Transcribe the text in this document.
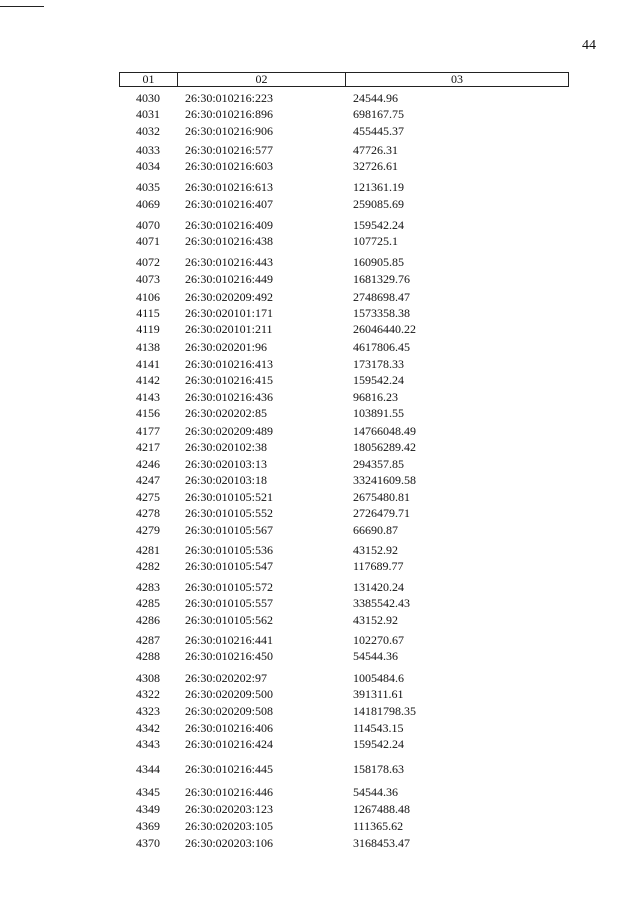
44
01	02	03
4030	26:30:010216:223	24544.96
4031	26:30:010216:896	698167.75
4032	26:30:010216:906	455445.37
4033	26:30:010216:577	47726.31
4034	26:30:010216:603	32726.61
4035	26:30:010216:613	121361.19
4069	26:30:010216:407	259085.69
4070	26:30:010216:409	159542.24
4071	26:30:010216:438	107725.1
4072	26:30:010216:443	160905.85
4073	26:30:010216:449	1681329.76
4106	26:30:020209:492	2748698.47
4115	26:30:020101:171	1573358.38
4119	26:30:020101:211	26046440.22
4138	26:30:020201:96	4617806.45
4141	26:30:010216:413	173178.33
4142	26:30:010216:415	159542.24
4143	26:30:010216:436	96816.23
4156	26:30:020202:85	103891.55
4177	26:30:020209:489	14766048.49
4217	26:30:020102:38	18056289.42
4246	26:30:020103:13	294357.85
4247	26:30:020103:18	33241609.58
4275	26:30:010105:521	2675480.81
4278	26:30:010105:552	2726479.71
4279	26:30:010105:567	66690.87
4281	26:30:010105:536	43152.92
4282	26:30:010105:547	117689.77
4283	26:30:010105:572	131420.24
4285	26:30:010105:557	3385542.43
4286	26:30:010105:562	43152.92
4287	26:30:010216:441	102270.67
4288	26:30:010216:450	54544.36
4308	26:30:020202:97	1005484.6
4322	26:30:020209:500	391311.61
4323	26:30:020209:508	14181798.35
4342	26:30:010216:406	114543.15
4343	26:30:010216:424	159542.24
4344	26:30:010216:445	158178.63
4345	26:30:010216:446	54544.36
4349	26:30:020203:123	1267488.48
4369	26:30:020203:105	111365.62
4370	26:30:020203:106	3168453.47
